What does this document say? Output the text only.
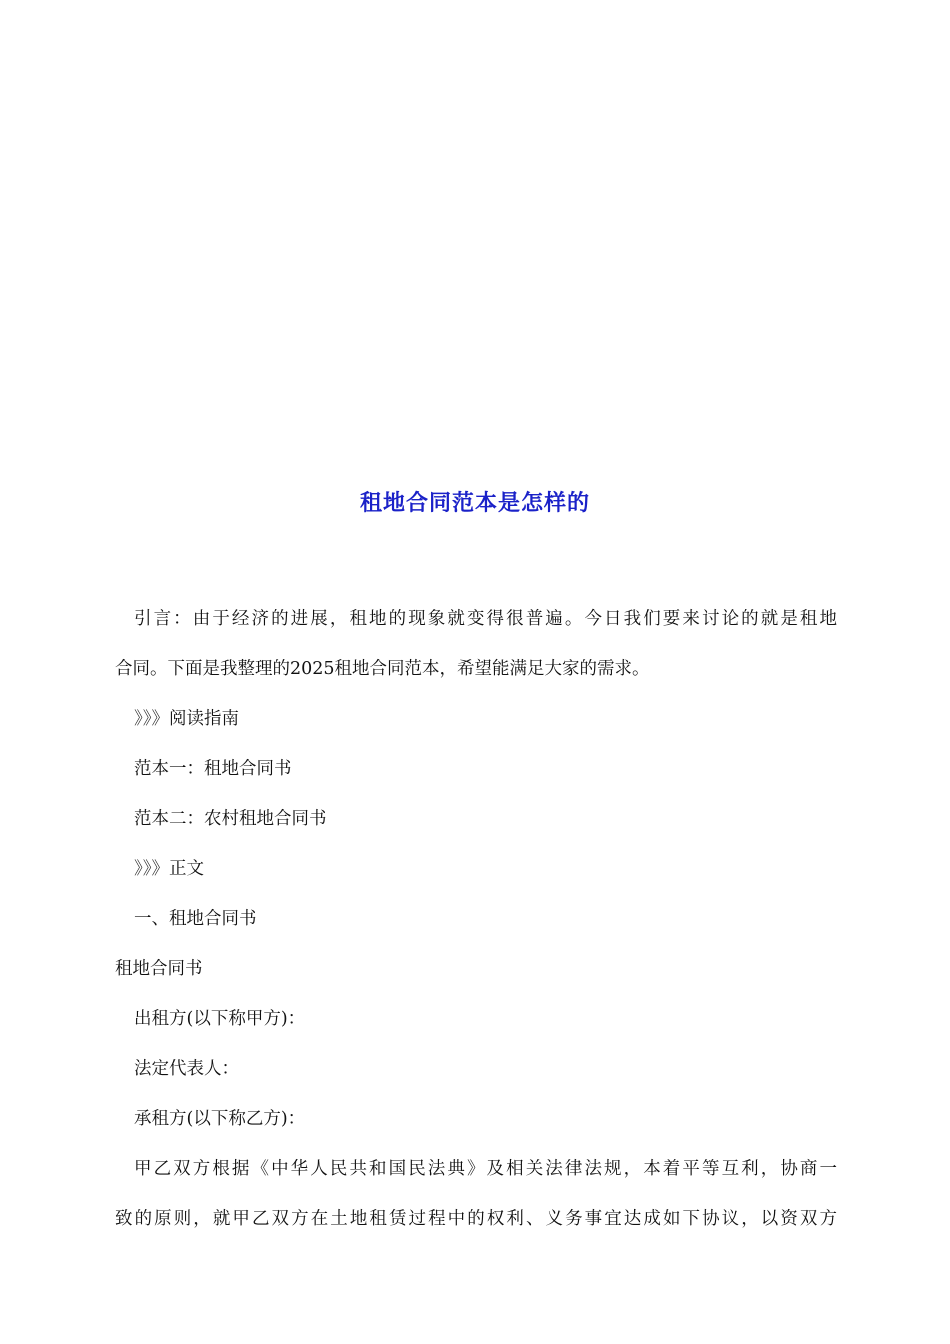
租地合同范本是怎样的
引言：由于经济的进展，租地的现象就变得很普遍。今日我们要来讨论的就是租地
合同。下面是我整理的2025租地合同范本，希望能满足大家的需求。
》》》阅读指南
范本一：租地合同书
范本二：农村租地合同书
》》》正文
一、租地合同书
租地合同书
出租方(以下称甲方)：
法定代表人：
承租方(以下称乙方)：
甲乙双方根据《中华人民共和国民法典》及相关法律法规，本着平等互利，协商一
致的原则，就甲乙双方在土地租赁过程中的权利、义务事宜达成如下协议，以资双方
